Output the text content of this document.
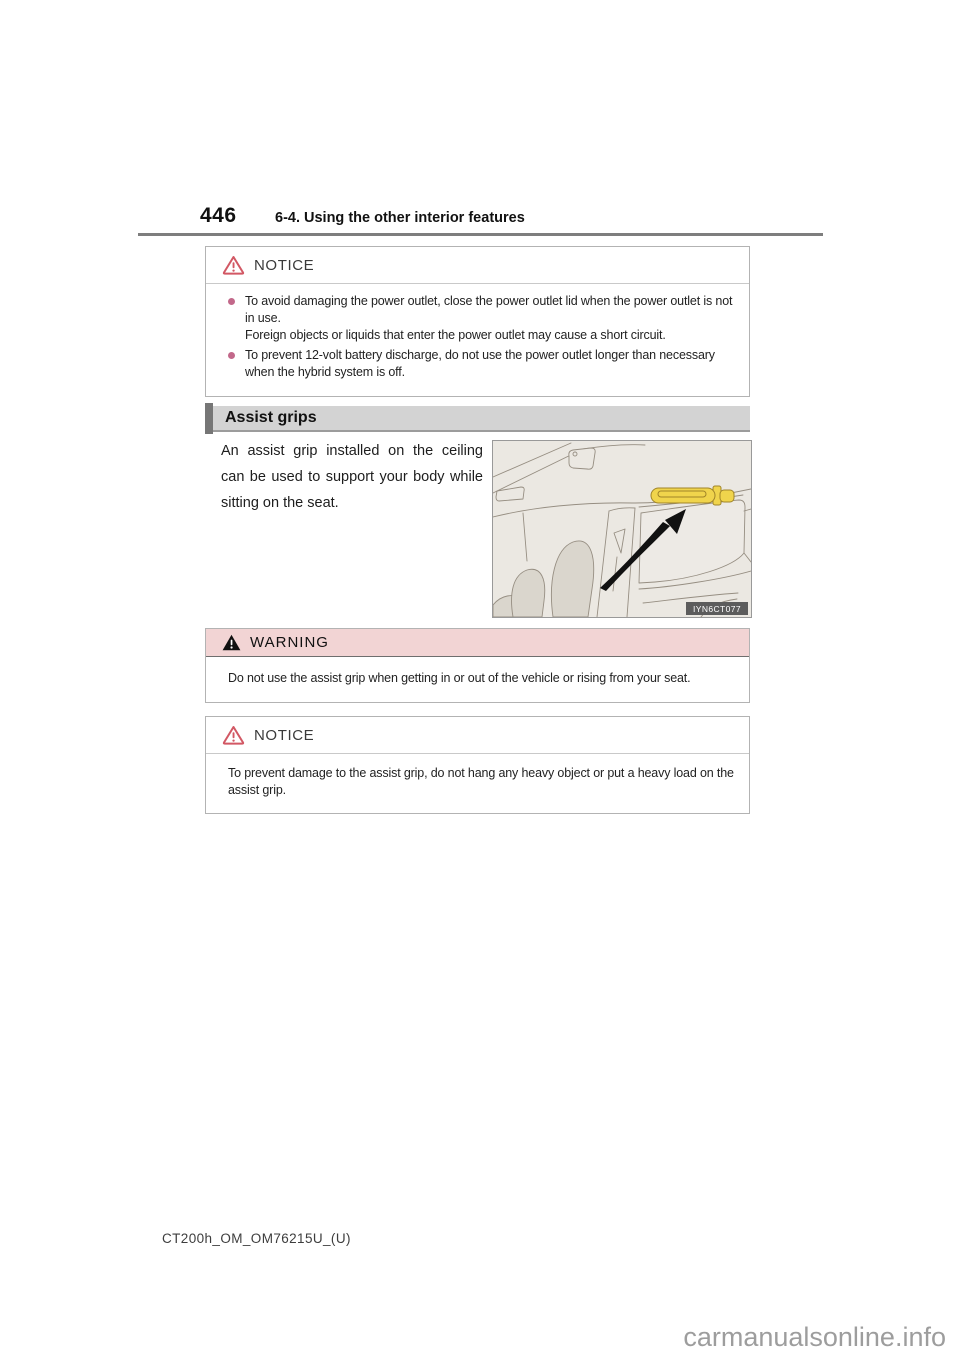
446	6-4. Using the other interior features
NOTICE
To avoid damaging the power outlet, close the power outlet lid when the power outlet is not in use.
Foreign objects or liquids that enter the power outlet may cause a short circuit.
To prevent 12-volt battery discharge, do not use the power outlet longer than necessary when the hybrid system is off.
Assist grips
An assist grip installed on the ceiling
can be used to support your body while
sitting on the seat.
IYN6CT077
WARNING
Do not use the assist grip when getting in or out of the vehicle or rising from your seat.
NOTICE
To prevent damage to the assist grip, do not hang any heavy object or put a heavy load on the assist grip.
CT200h_OM_OM76215U_(U)
carmanualsonline.info
